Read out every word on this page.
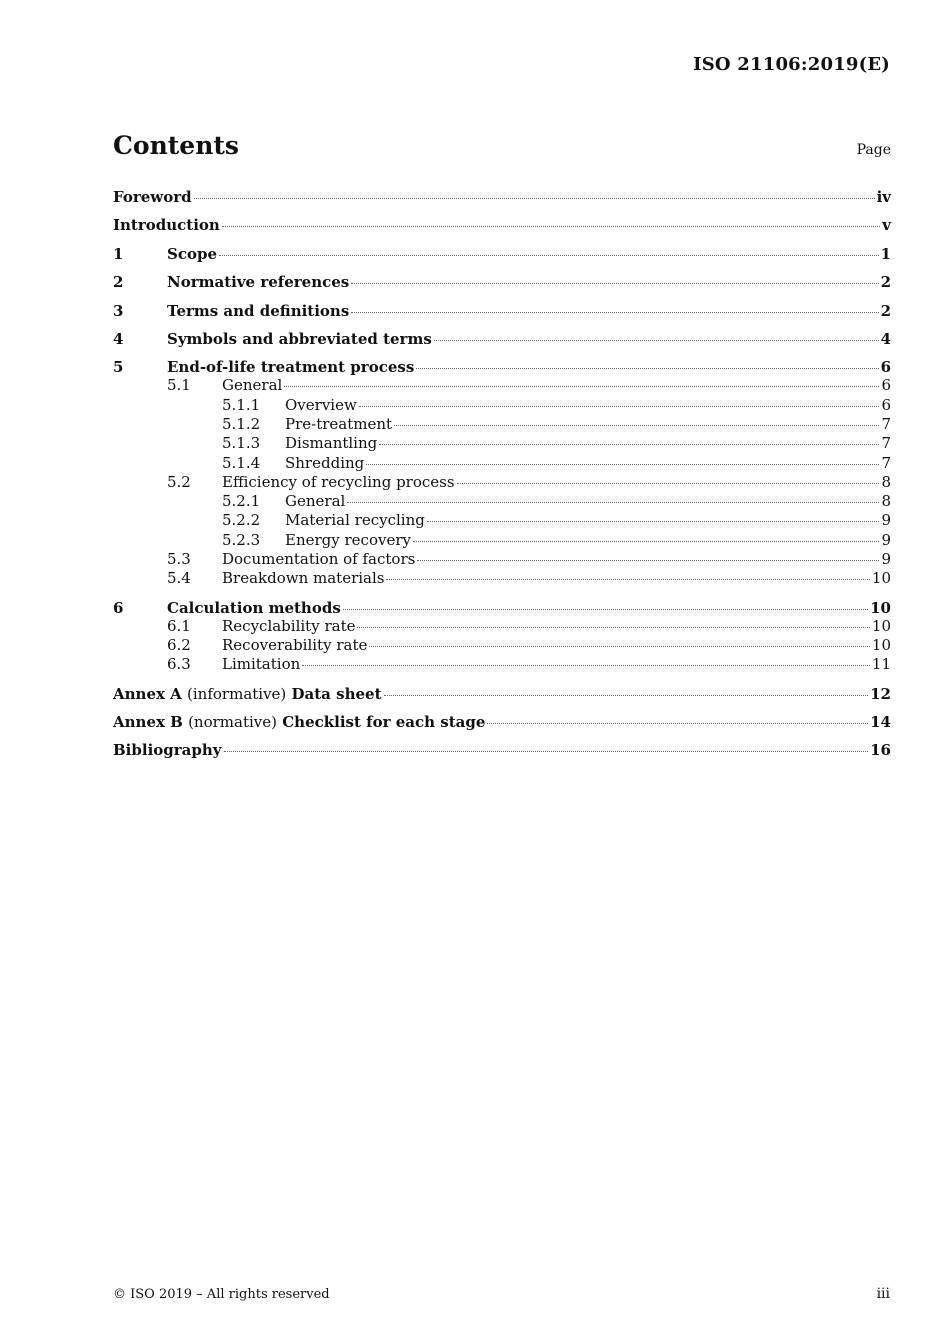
ISO 21106:2019(E)
Contents	Page
Foreword	iv
Introduction	v
1	Scope	1
2	Normative references	2
3	Terms and definitions	2
4	Symbols and abbreviated terms	4
5	End-of-life treatment process	6
5.1	General	6
5.1.1	Overview	6
5.1.2	Pre-treatment	7
5.1.3	Dismantling	7
5.1.4	Shredding	7
5.2	Efficiency of recycling process	8
5.2.1	General	8
5.2.2	Material recycling	9
5.2.3	Energy recovery	9
5.3	Documentation of factors	9
5.4	Breakdown materials	10
6	Calculation methods	10
6.1	Recyclability rate	10
6.2	Recoverability rate	10
6.3	Limitation	11
Annex A (informative) Data sheet	12
Annex B (normative) Checklist for each stage	14
Bibliography	16
© ISO 2019 – All rights reserved	iii
